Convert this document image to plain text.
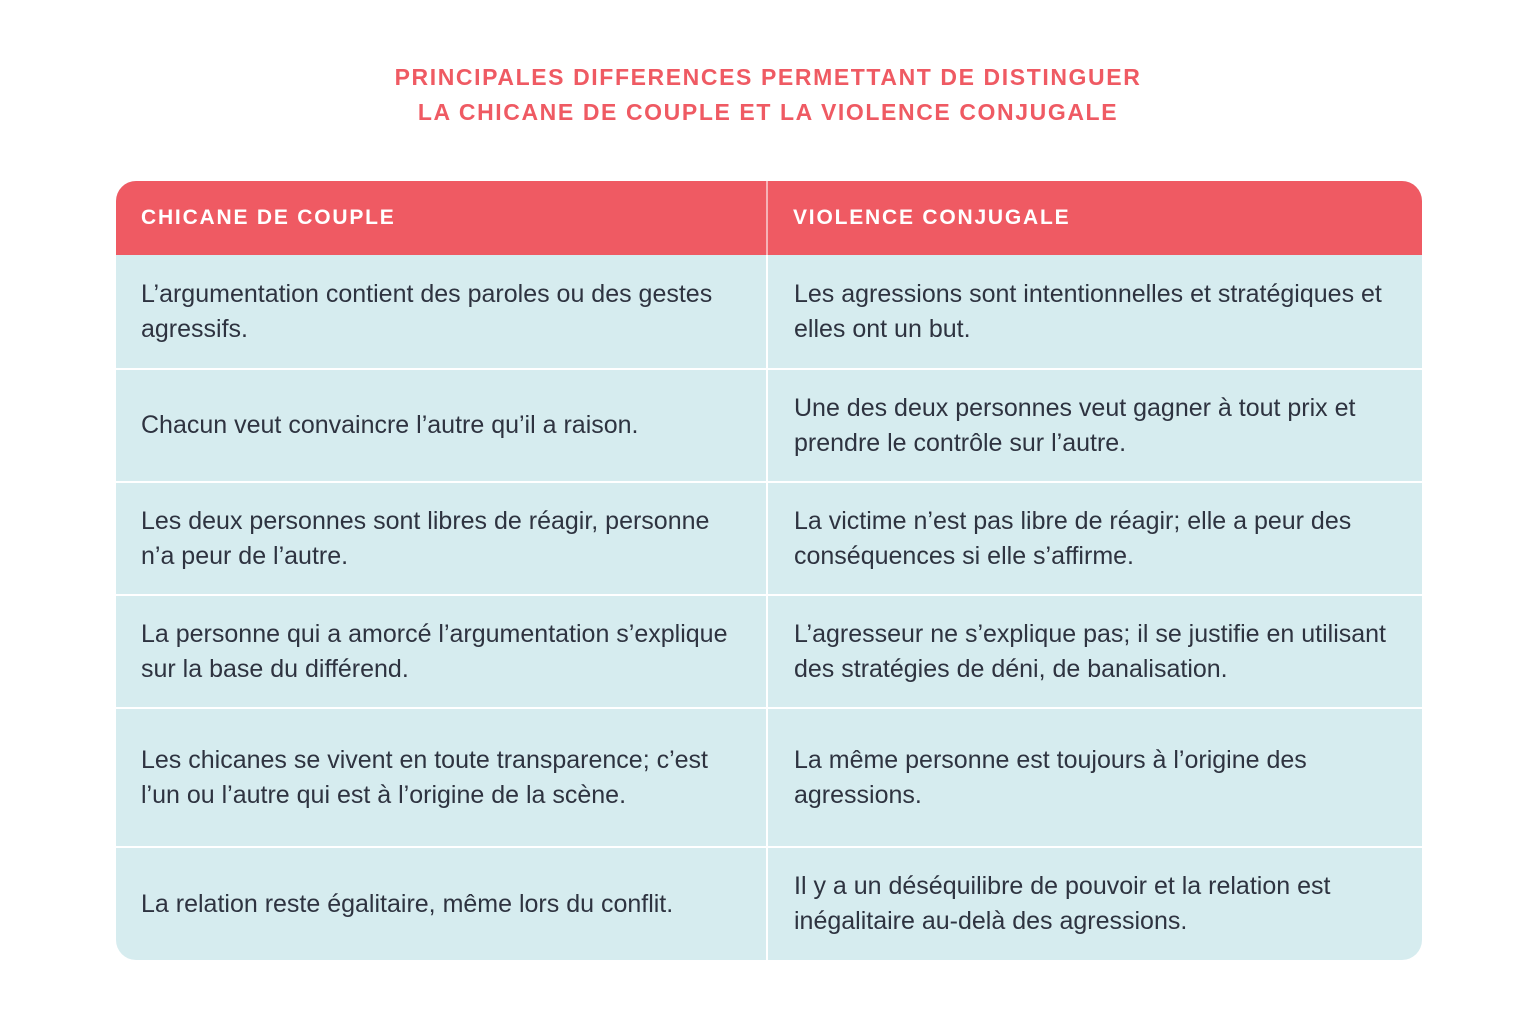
PRINCIPALES DIFFERENCES PERMETTANT DE DISTINGUER
LA CHICANE DE COUPLE ET LA VIOLENCE CONJUGALE
CHICANE DE COUPLE	VIOLENCE CONJUGALE
L’argumentation contient des paroles ou des gestes agressifs.
Les agressions sont intentionnelles et stratégiques et elles ont un but.
Chacun veut convaincre l’autre qu’il a raison.
Une des deux personnes veut gagner à tout prix et prendre le contrôle sur l’autre.
Les deux personnes sont libres de réagir, personne n’a peur de l’autre.
La victime n’est pas libre de réagir; elle a peur des conséquences si elle s’affirme.
La personne qui a amorcé l’argumentation s’explique sur la base du différend.
L’agresseur ne s’explique pas; il se justifie en utilisant des stratégies de déni, de banalisation.
Les chicanes se vivent en toute transparence; c’est l’un ou l’autre qui est à l’origine de la scène.
La même personne est toujours à l’origine des agressions.
La relation reste égalitaire, même lors du conflit.
Il y a un déséquilibre de pouvoir et la relation est inégalitaire au-delà des agressions.
